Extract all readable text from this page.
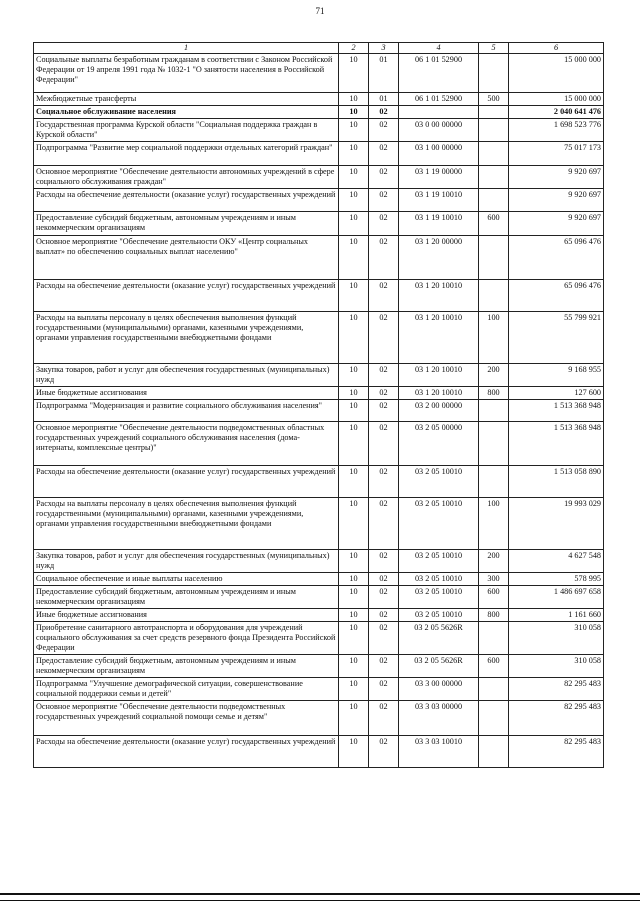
71
1	2	3	4	5	6
Социальные выплаты безработным гражданам в соответствии с Законом Российской Федерации от 19 апреля 1991 года № 1032-1 "О занятости населения в Российской Федерации"	10	01	06 1 01 52900		15 000 000
Межбюджетные трансферты	10	01	06 1 01 52900	500	15 000 000
Социальное обслуживание населения	10	02			2 040 641 476
Государственная программа Курской области "Социальная поддержка граждан в Курской области"	10	02	03 0 00 00000		1 698 523 776
Подпрограмма "Развитие мер социальной поддержки отдельных категорий граждан"	10	02	03 1 00 00000		75 017 173
Основное мероприятие "Обеспечение деятельности автономных учреждений в сфере социального обслуживания граждан"	10	02	03 1 19 00000		9 920 697
Расходы на обеспечение деятельности (оказание услуг) государственных учреждений	10	02	03 1 19 10010		9 920 697
Предоставление субсидий бюджетным, автономным учреждениям и иным некоммерческим организациям	10	02	03 1 19 10010	600	9 920 697
Основное мероприятие "Обеспечение деятельности ОКУ «Центр социальных выплат» по обеспечению социальных выплат населению"	10	02	03 1 20 00000		65 096 476
Расходы на обеспечение деятельности (оказание услуг) государственных учреждений	10	02	03 1 20 10010		65 096 476
Расходы на выплаты персоналу в целях обеспечения выполнения функций государственными (муниципальными) органами, казенными учреждениями, органами управления государственными внебюджетными фондами	10	02	03 1 20 10010	100	55 799 921
Закупка товаров, работ и услуг для обеспечения государственных (муниципальных) нужд	10	02	03 1 20 10010	200	9 168 955
Иные бюджетные ассигнования	10	02	03 1 20 10010	800	127 600
Подпрограмма "Модернизация и развитие социального обслуживания населения"	10	02	03 2 00 00000		1 513 368 948
Основное мероприятие "Обеспечение деятельности подведомственных областных государственных учреждений социального обслуживания населения (дома-интернаты, комплексные центры)"	10	02	03 2 05 00000		1 513 368 948
Расходы на обеспечение деятельности (оказание услуг) государственных учреждений	10	02	03 2 05 10010		1 513 058 890
Расходы на выплаты персоналу в целях обеспечения выполнения функций государственными (муниципальными) органами, казенными учреждениями, органами управления государственными внебюджетными фондами	10	02	03 2 05 10010	100	19 993 029
Закупка товаров, работ и услуг для обеспечения государственных (муниципальных) нужд	10	02	03 2 05 10010	200	4 627 548
Социальное обеспечение и иные выплаты населению	10	02	03 2 05 10010	300	578 995
Предоставление субсидий бюджетным, автономным учреждениям и иным некоммерческим организациям	10	02	03 2 05 10010	600	1 486 697 658
Иные бюджетные ассигнования	10	02	03 2 05 10010	800	1 161 660
Приобретение санитарного автотранспорта и оборудования для учреждений социального обслуживания за счет средств резервного фонда Президента Российской Федерации	10	02	03 2 05 5626R		310 058
Предоставление субсидий бюджетным, автономным учреждениям и иным некоммерческим организациям	10	02	03 2 05 5626R	600	310 058
Подпрограмма "Улучшение демографической ситуации, совершенствование социальной поддержки семьи и детей"	10	02	03 3 00 00000		82 295 483
Основное мероприятие "Обеспечение деятельности подведомственных государственных учреждений социальной помощи семье и детям"	10	02	03 3 03 00000		82 295 483
Расходы на обеспечение деятельности (оказание услуг) государственных учреждений	10	02	03 3 03 10010		82 295 483
